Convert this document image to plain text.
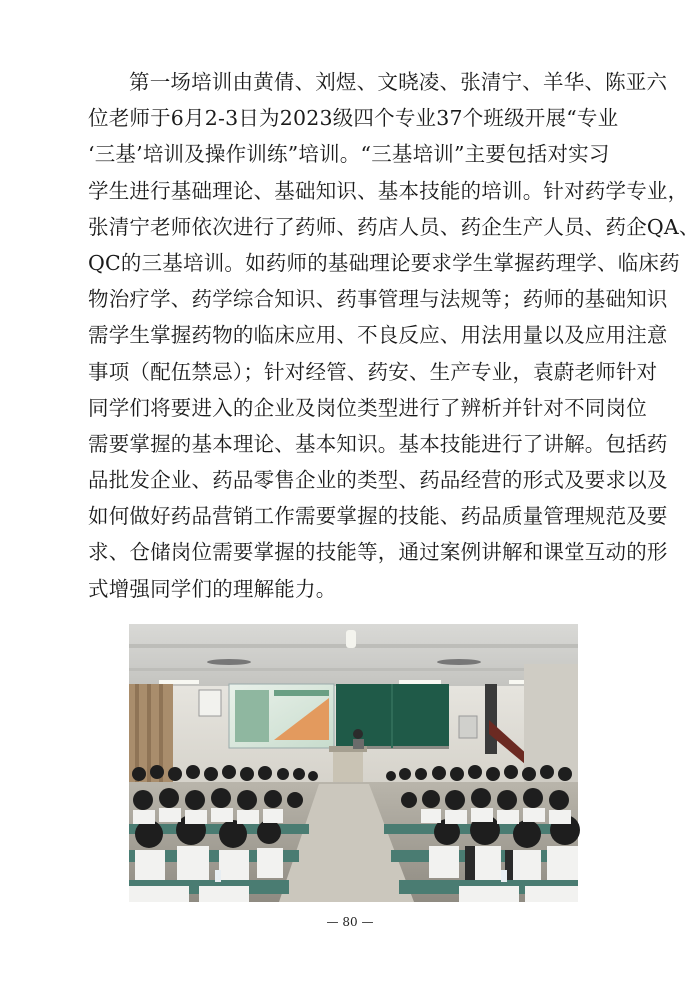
第一场培训由黄倩、刘煜、文晓凌、张清宁、羊华、陈亚六
位老师于6月2-3日为2023级四个专业37个班级开展“专业
‘三基’培训及操作训练”培训。“三基培训”主要包括对实习
学生进行基础理论、基础知识、基本技能的培训。针对药学专业，
张清宁老师依次进行了药师、药店人员、药企生产人员、药企QA、
QC的三基培训。如药师的基础理论要求学生掌握药理学、临床药
物治疗学、药学综合知识、药事管理与法规等；药师的基础知识
需学生掌握药物的临床应用、不良反应、用法用量以及应用注意
事项（配伍禁忌）；针对经管、药安、生产专业，袁蔚老师针对
同学们将要进入的企业及岗位类型进行了辨析并针对不同岗位
需要掌握的基本理论、基本知识。基本技能进行了讲解。包括药
品批发企业、药品零售企业的类型、药品经营的形式及要求以及
如何做好药品营销工作需要掌握的技能、药品质量管理规范及要
求、仓储岗位需要掌握的技能等，通过案例讲解和课堂互动的形
式增强同学们的理解能力。
— 80 —
